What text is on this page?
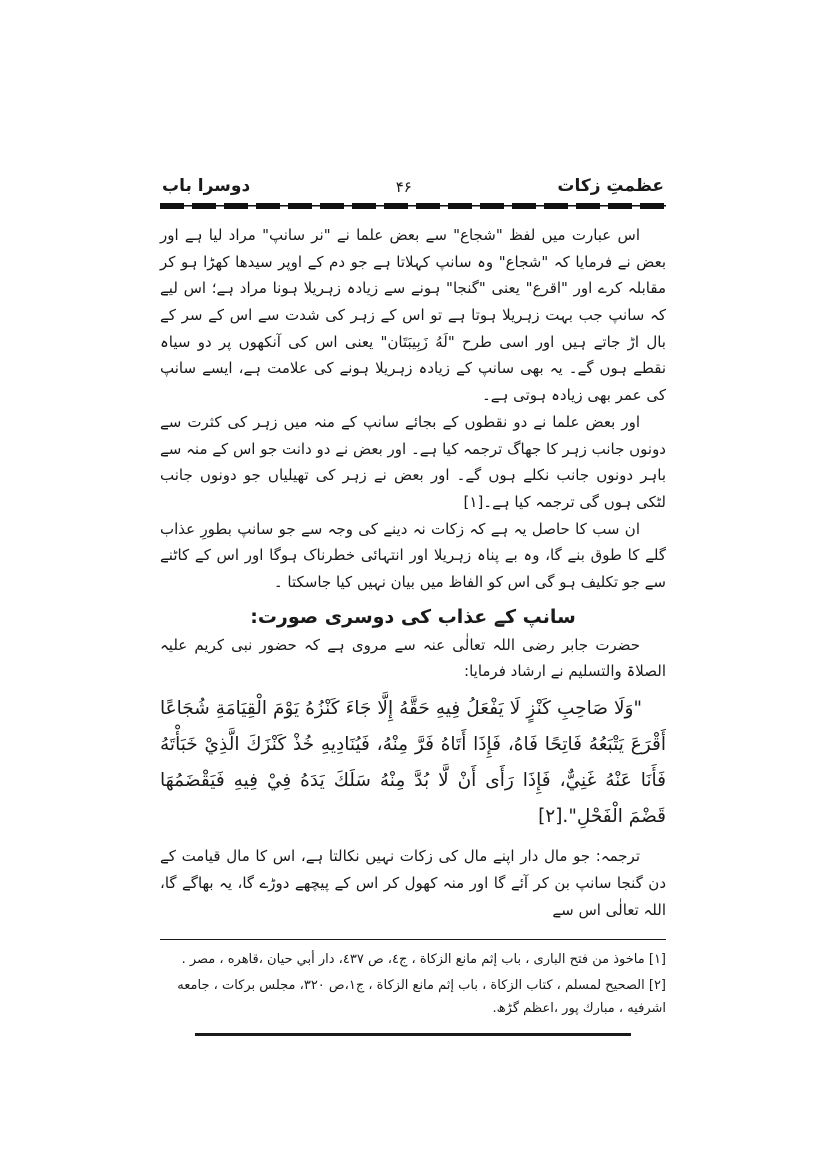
عظمتِ زکات
۴۶
دوسرا باب

اس عبارت میں لفظ "شجاع" سے بعض علما نے "نر سانپ" مراد لیا ہے اور بعض نے فرمایا کہ "شجاع" وہ سانپ کہلاتا ہے جو دم کے اوپر سیدھا کھڑا ہو کر مقابلہ کرے اور "اقرع" یعنی "گنجا" ہونے سے زیادہ زہریلا ہونا مراد ہے؛ اس لیے کہ سانپ جب بہت زہریلا ہوتا ہے تو اس کے زہر کی شدت سے اس کے سر کے بال اڑ جاتے ہیں اور اسی طرح "لَهُ زَبِيبَتَان" یعنی اس کی آنکھوں پر دو سیاہ نقطے ہوں گے۔ یہ بھی سانپ کے زیادہ زہریلا ہونے کی علامت ہے، ایسے سانپ کی عمر بھی زیادہ ہوتی ہے۔

اور بعض علما نے دو نقطوں کے بجائے سانپ کے منہ میں زہر کی کثرت سے دونوں جانب زہر کا جھاگ ترجمہ کیا ہے۔ اور بعض نے دو دانت جو اس کے منہ سے باہر دونوں جانب نکلے ہوں گے۔ اور بعض نے زہر کی تھیلیاں جو دونوں جانب لٹکی ہوں گی ترجمہ کیا ہے۔[۱]

ان سب کا حاصل یہ ہے کہ زکات نہ دینے کی وجہ سے جو سانپ بطورِ عذاب گلے کا طوق بنے گا، وہ بے پناہ زہریلا اور انتہائی خطرناک ہوگا اور اس کے کاٹنے سے جو تکلیف ہو گی اس کو الفاظ میں بیان نہیں کیا جاسکتا ۔

سانپ کے عذاب کی دوسری صورت:

حضرت جابر رضی اللہ تعالٰی عنہ سے مروی ہے کہ حضور نبی کریم علیہ الصلاۃ والتسلیم نے ارشاد فرمایا:

"وَلَا صَاحِبِ كَنْزٍ لَا يَفْعَلُ فِيهِ حَقَّهُ إِلَّا جَاءَ كَنْزُهُ يَوْمَ الْقِيَامَةِ شُجَاعًا أَقْرَعَ يَتْبَعُهُ فَاتِحًا فَاهُ، فَإِذَا أَتَاهُ فَرَّ مِنْهُ، فَيُنَادِيهِ خُذْ كَنْزَكَ الَّذِيْ خَبَأْتَهُ فَأَنَا عَنْهُ غَنِيٌّ، فَإِذَا رَأَى أَنْ لَّا بُدَّ مِنْهُ سَلَكَ يَدَهُ فِيْ فِيهِ فَيَقْضَمُهَا قَضْمَ الْفَحْلِ".[۲]

ترجمہ: جو مال دار اپنے مال کی زکات نہیں نکالتا ہے، اس کا مال قیامت کے دن گنجا سانپ بن کر آئے گا اور منہ کھول کر اس کے پیچھے دوڑے گا، یہ بھاگے گا، اللہ تعالٰی اس سے

[۱] ماخوذ من فتح الباری ، باب إثم مانع الزكاة ، ج٤، ص ٤٣٧، دار أبي حيان ،قاهره ، مصر .

[۲] الصحيح لمسلم ، كتاب الزكاة ، باب إثم مانع الزكاة ، ج١،ص ٣٢٠، مجلس بركات ، جامعه اشرفيه ، مبارك پور ،اعظم گڑھ.
